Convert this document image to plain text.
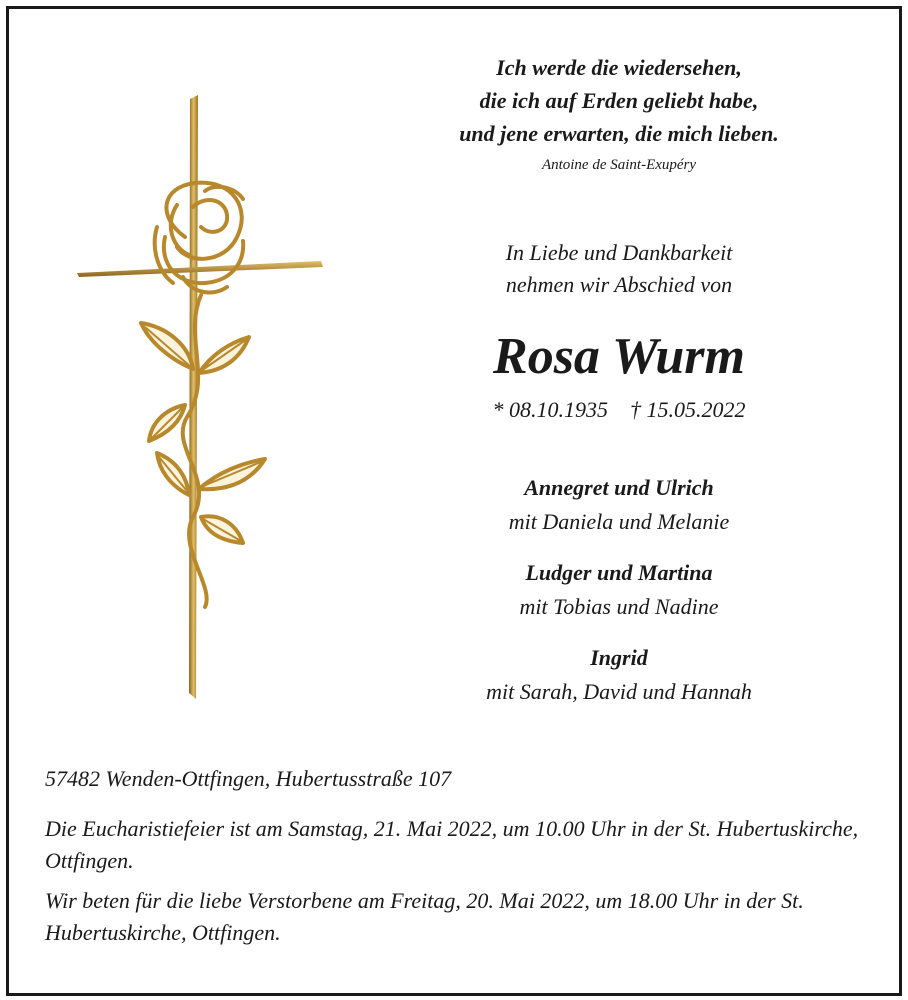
Ich werde die wiedersehen,
die ich auf Erden geliebt habe,
und jene erwarten, die mich lieben.
Antoine de Saint-Exupéry
In Liebe und Dankbarkeit
nehmen wir Abschied von
Rosa Wurm
* 08.10.1935 † 15.05.2022
Annegret und Ulrich
mit Daniela und Melanie
Ludger und Martina
mit Tobias und Nadine
Ingrid
mit Sarah, David und Hannah
57482 Wenden-Ottfingen, Hubertusstraße 107

Die Eucharistiefeier ist am Samstag, 21. Mai 2022, um 10.00 Uhr in der St. Hubertuskirche, Ottfingen.

Wir beten für die liebe Verstorbene am Freitag, 20. Mai 2022, um 18.00 Uhr in der St. Hubertuskirche, Ottfingen.
